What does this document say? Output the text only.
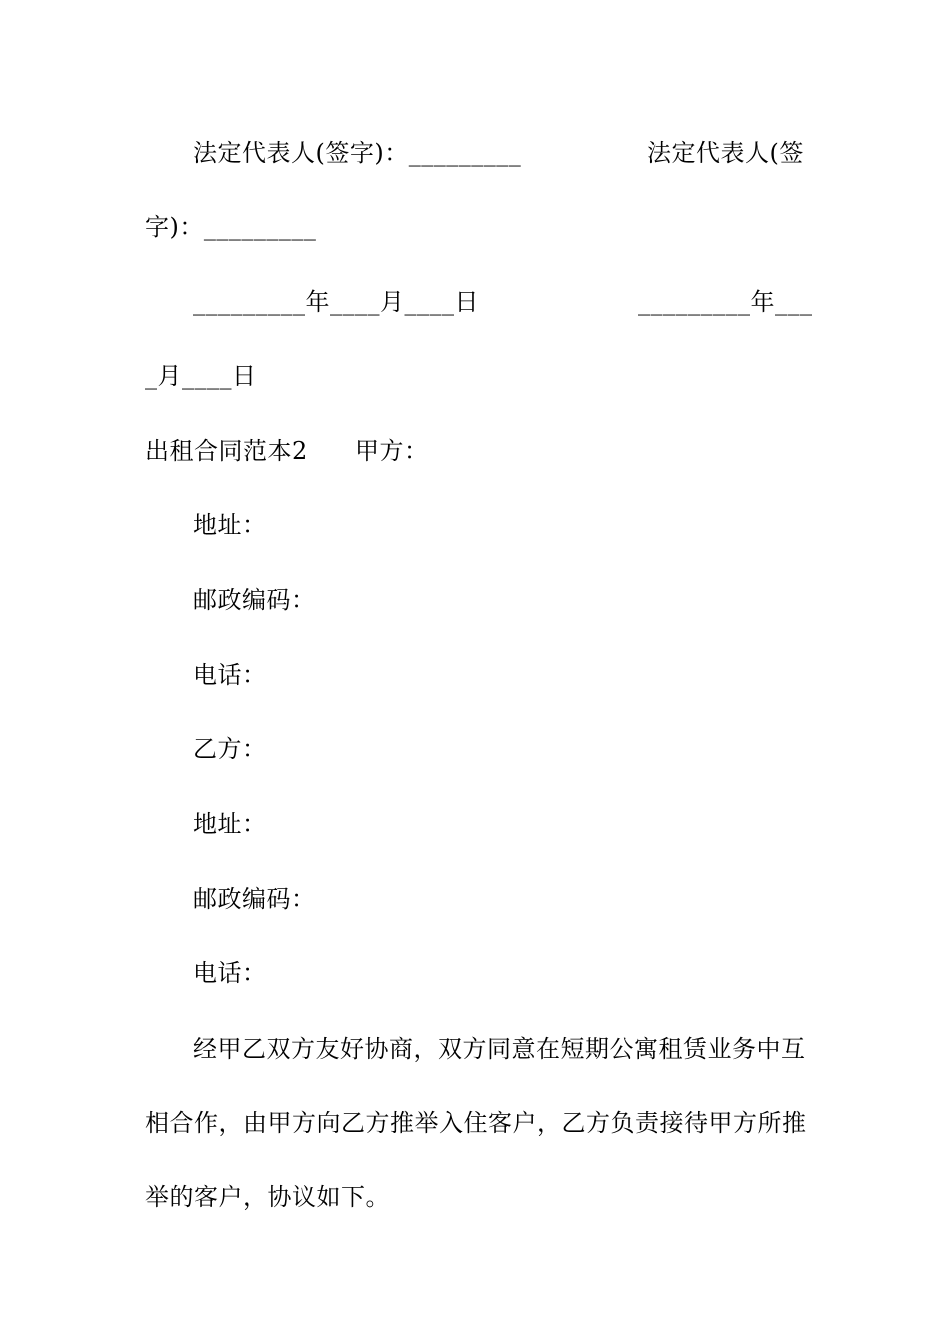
法定代表人(签字)：_________	法定代表人(签
字)：_________
_________年____月____日	_________年___
_月____日
出租合同范本2 甲方：
地址：
邮政编码：
电话：
乙方：
地址：
邮政编码：
电话：
经甲乙双方友好协商，双方同意在短期公寓租赁业务中互
相合作，由甲方向乙方推举入住客户，乙方负责接待甲方所推
举的客户，协议如下。
